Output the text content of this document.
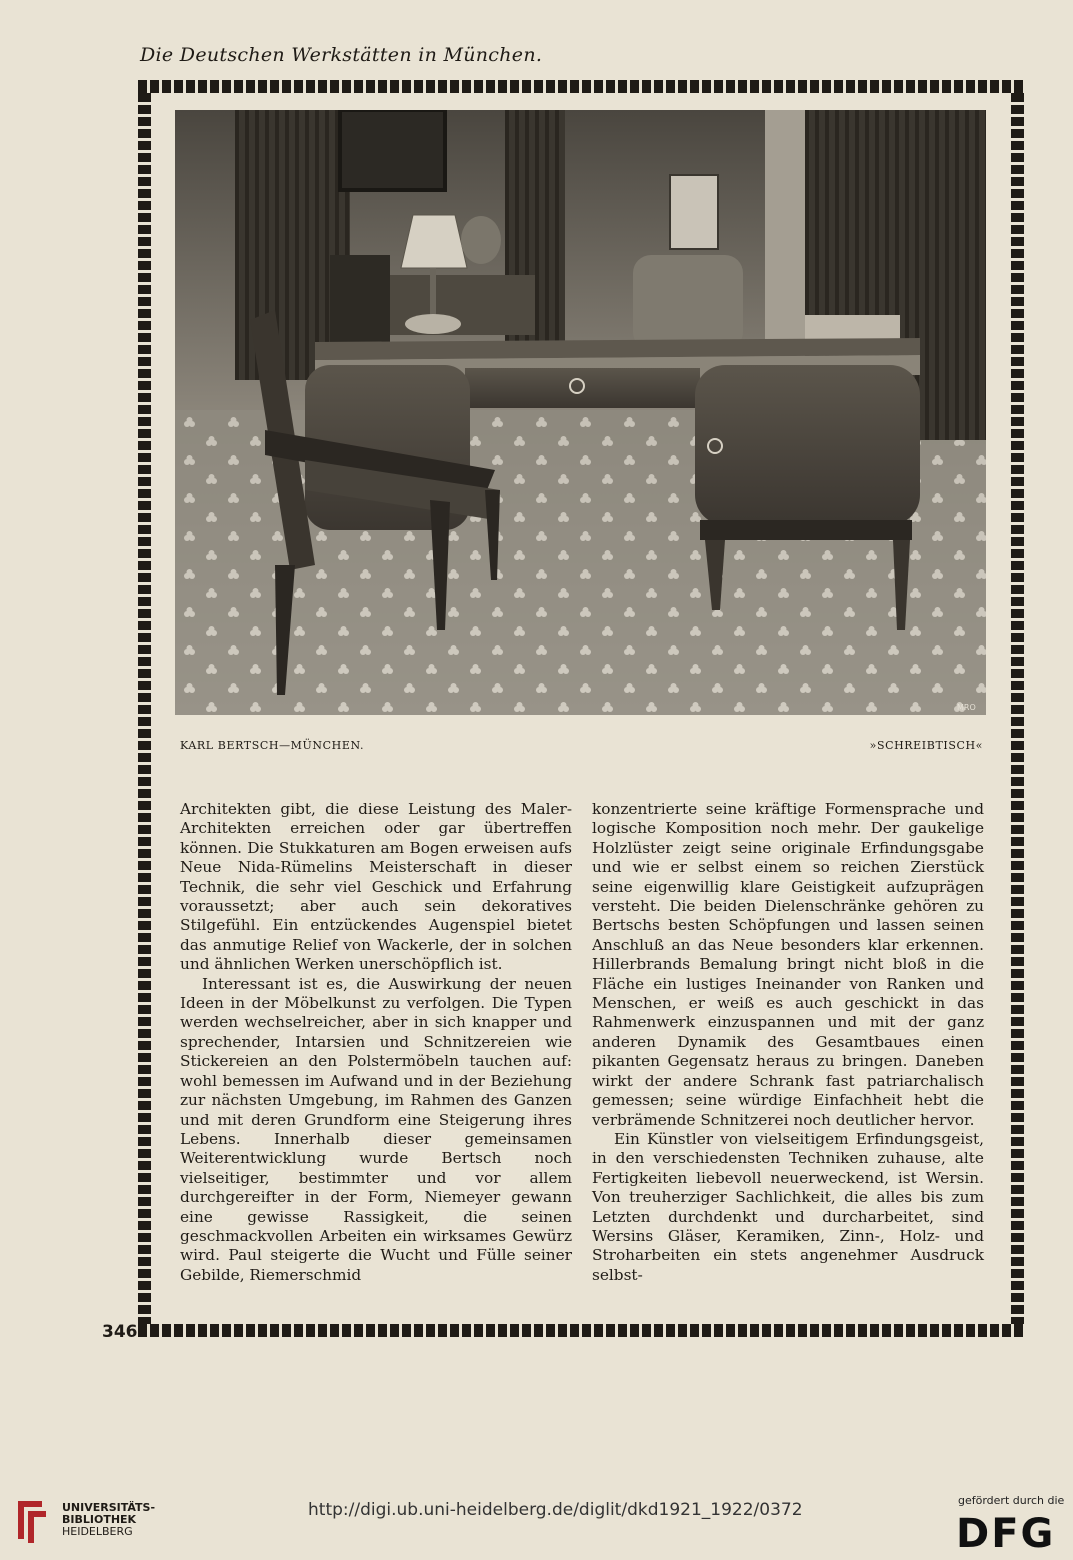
Die Deutschen Werkstätten in München.
MRO
KARL BERTSCH—MÜNCHEN.	»SCHREIBTISCH«

Architekten gibt, die diese Leistung des Maler-Architekten erreichen oder gar übertreffen können. Die Stukkaturen am Bogen erweisen aufs Neue Nida-Rümelins Meisterschaft in dieser Technik, die sehr viel Geschick und Erfahrung voraussetzt; aber auch sein dekoratives Stilgefühl. Ein entzückendes Augenspiel bietet das anmutige Relief von Wackerle, der in solchen und ähnlichen Werken unerschöpflich ist.

Interessant ist es, die Auswirkung der neuen Ideen in der Möbelkunst zu verfolgen. Die Typen werden wechselreicher, aber in sich knapper und sprechender, Intarsien und Schnitzereien wie Stickereien an den Polstermöbeln tauchen auf: wohl bemessen im Aufwand und in der Beziehung zur nächsten Umgebung, im Rahmen des Ganzen und mit deren Grundform eine Steigerung ihres Lebens. Innerhalb dieser gemeinsamen Weiterentwicklung wurde Bertsch noch vielseitiger, bestimmter und vor allem durchgereifter in der Form, Niemeyer gewann eine gewisse Rassigkeit, die seinen geschmackvollen Arbeiten ein wirksames Gewürz wird. Paul steigerte die Wucht und Fülle seiner Gebilde, Riemerschmid

konzentrierte seine kräftige Formensprache und logische Komposition noch mehr. Der gaukelige Holzlüster zeigt seine originale Erfindungsgabe und wie er selbst einem so reichen Zierstück seine eigenwillig klare Geistigkeit aufzuprägen versteht. Die beiden Dielenschränke gehören zu Bertschs besten Schöpfungen und lassen seinen Anschluß an das Neue besonders klar erkennen. Hillerbrands Bemalung bringt nicht bloß in die Fläche ein lustiges Ineinander von Ranken und Menschen, er weiß es auch geschickt in das Rahmenwerk einzuspannen und mit der ganz anderen Dynamik des Gesamtbaues einen pikanten Gegensatz heraus zu bringen. Daneben wirkt der andere Schrank fast patriarchalisch gemessen; seine würdige Einfachheit hebt die verbrämende Schnitzerei noch deutlicher hervor.

Ein Künstler von vielseitigem Erfindungsgeist, in den verschiedensten Techniken zuhause, alte Fertigkeiten liebevoll neuerweckend, ist Wersin. Von treuherziger Sachlichkeit, die alles bis zum Letzten durchdenkt und durcharbeitet, sind Wersins Gläser, Keramiken, Zinn-, Holz- und Stroharbeiten ein stets angenehmer Ausdruck selbst-

346
UNIVERSITÄTS-
BIBLIOTHEK
HEIDELBERG
http://digi.ub.uni-heidelberg.de/diglit/dkd1921_1922/0372	gefördert durch die
DFG
